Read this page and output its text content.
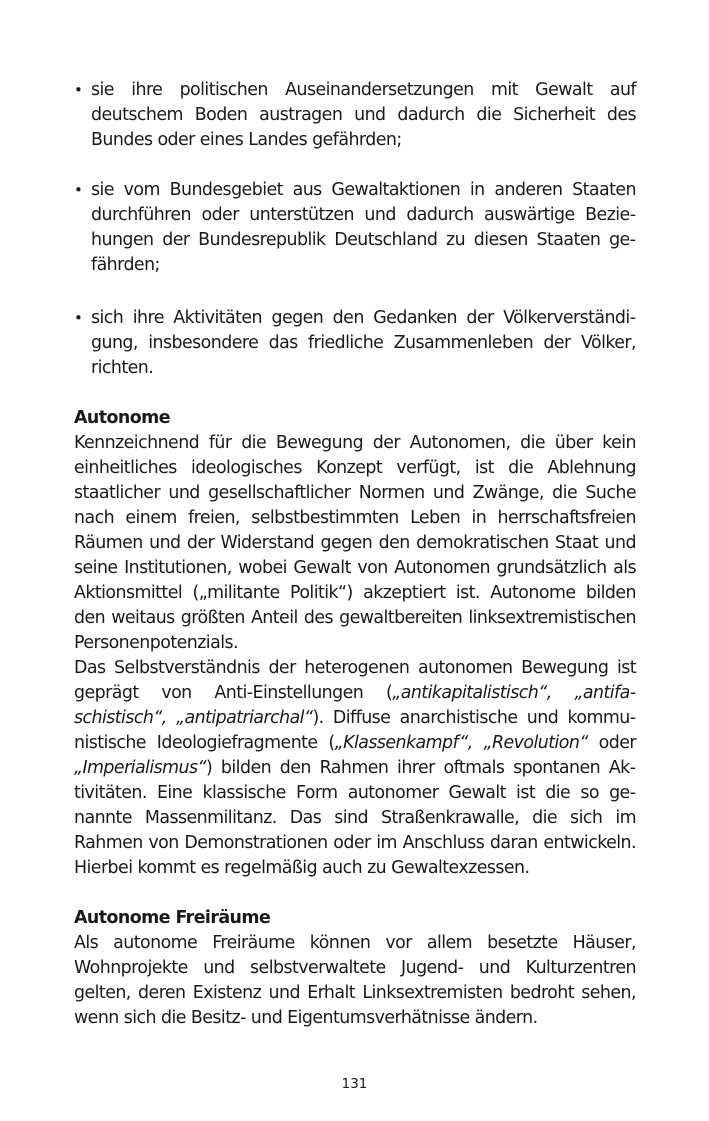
• sie ihre politischen Auseinandersetzungen mit Gewalt auf deutschem Boden austragen und dadurch die Sicherheit des Bundes oder eines Landes gefährden;
• sie vom Bundesgebiet aus Gewaltaktionen in anderen Staaten durchführen oder unterstützen und dadurch auswärtige Beziehungen der Bundesrepublik Deutschland zu diesen Staaten gefährden;
• sich ihre Aktivitäten gegen den Gedanken der Völkerverständigung, insbesondere das friedliche Zusammenleben der Völker, richten.

Autonome

Kennzeichnend für die Bewegung der Autonomen, die über kein einheitliches ideologisches Konzept verfügt, ist die Ablehnung staatlicher und gesellschaftlicher Normen und Zwänge, die Suche nach einem freien, selbstbestimmten Leben in herrschaftsfreien Räumen und der Widerstand gegen den demokratischen Staat und seine Institutionen, wobei Gewalt von Autonomen grundsätzlich als Aktionsmittel („militante Politik“) akzeptiert ist. Autonome bilden den weitaus größten Anteil des gewaltbereiten linksextremistischen Personenpotenzials.

Das Selbstverständnis der heterogenen autonomen Bewegung ist geprägt von Anti-Einstellungen („antikapitalistisch“, „antifaschistisch“, „antipatriarchal“). Diffuse anarchistische und kommunistische Ideologiefragmente („Klassenkampf“, „Revolution“ oder „Imperialismus“) bilden den Rahmen ihrer oftmals spontanen Aktivitäten. Eine klassische Form autonomer Gewalt ist die so genannte Massenmilitanz. Das sind Straßenkrawalle, die sich im Rahmen von Demonstrationen oder im Anschluss daran entwickeln. Hierbei kommt es regelmäßig auch zu Gewaltexzessen.

Autonome Freiräume

Als autonome Freiräume können vor allem besetzte Häuser, Wohnprojekte und selbstverwaltete Jugend- und Kulturzentren gelten, deren Existenz und Erhalt Linksextremisten bedroht sehen, wenn sich die Besitz- und Eigentumsverhätnisse ändern.

131
